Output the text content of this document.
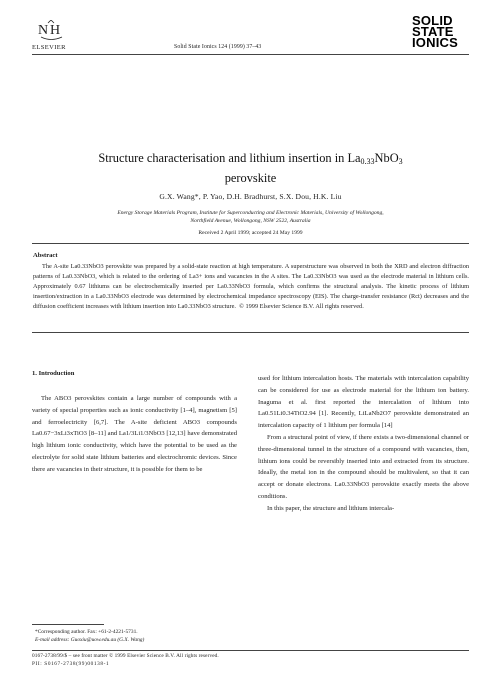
N H
ELSEVIER	Solid State Ionics 124 (1999) 37–43
SOLID
STATE
IONICS
Structure characterisation and lithium insertion in $La_{0.33}NbO_3$
perovskite
G.X. Wang*, P. Yao, D.H. Bradhurst, S.X. Dou, H.K. Liu
Energy Storage Materials Program, Institute for Superconducting and Electronic Materials, University of Wollongong,
Northfield Avenue, Wollongong, NSW 2522, Australia
Received 2 April 1999; accepted 24 May 1999
Abstract
The A-site La0.33NbO3 perovskite was prepared by a solid-state reaction at high temperature. A superstructure was observed in both the XRD and electron diffraction patterns of La0.33NbO3, which is related to the ordering of La3+ ions and vacancies in the A sites. The La0.33NbO3 was used as the electrode material in lithium cells. Approximately 0.67 lithiums can be electrochemically inserted per La0.33NbO3 formula, which confirms the structural analysis. The kinetic process of lithium insertion/extraction in a La0.33NbO3 electrode was determined by electrochemical impedance spectroscopy (EIS). The charge-transfer resistance (Rct) decreases and the diffusion coefficient increases with lithium insertion into La0.33NbO3 structure. © 1999 Elsevier Science B.V. All rights reserved.
1. Introduction

The ABO3 perovskites contain a large number of compounds with a variety of special properties such as ionic conductivity [1–4], magnetism [5] and ferroelectricity [6,7]. The A-site deficient ABO3 compounds La0.67−3xLi3xTiO3 [8–11] and La1/3Li1/3NbO3 [12,13] have demonstrated high lithium ionic conductivity, which have the potential to be used as the electrolyte for solid state lithium batteries and electrochromic devices. Since there are vacancies in their structure, it is possible for them to be

used for lithium intercalation hosts. The materials with intercalation capability can be considered for use as electrode material for the lithium ion battery. Inaguma et al. first reported the intercalation of lithium into La0.51Li0.34TiO2.94 [1]. Recently, LiLaNb2O7 perovskite demonstrated an intercalation capacity of 1 lithium per formula [14]

From a structural point of view, if there exists a two-dimensional channel or three-dimensional tunnel in the structure of a compound with vacancies, then, lithium ions could be reversibly inserted into and extracted from its structure. Ideally, the metal ion in the compound should be multivalent, so that it can accept or donate electrons. La0.33NbO3 perovskite exactly meets the above conditions.

In this paper, the structure and lithium intercala-

*Corresponding author. Fax: +61-2-4221-5731.
E-mail address: Guoxiu@uow.edu.au (G.X. Wang)
0167-2738/99/$ – see front matter © 1999 Elsevier Science B.V. All rights reserved.
PII: S0167-2738(99)00138-1
